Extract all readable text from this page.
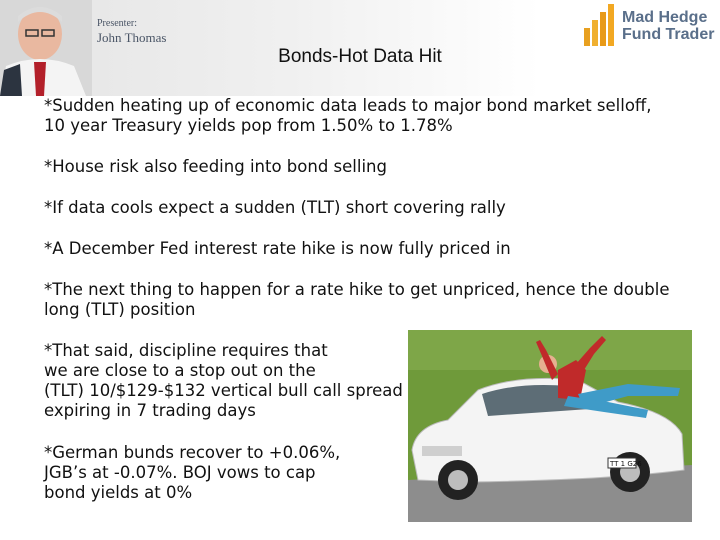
Presenter:
John Thomas
Mad Hedge
Fund Trader
Bonds-Hot Data Hit
*Sudden heating up of economic data leads to major bond market selloff,
10 year Treasury yields pop from 1.50% to 1.78%
*House risk also feeding into bond selling
*If data cools expect a sudden (TLT) short covering rally
*A December Fed interest rate hike is now fully priced in
*The next thing to happen for a rate hike to get unpriced, hence the double
long (TLT) position
*That said, discipline requires that
we are close to a stop out on the
(TLT) 10/$129-$132 vertical bull call spread
expiring in 7 trading days
*German bunds recover to +0.06%,
JGB’s at -0.07%. BOJ vows to cap
bond yields at 0%
TT 1 G26
